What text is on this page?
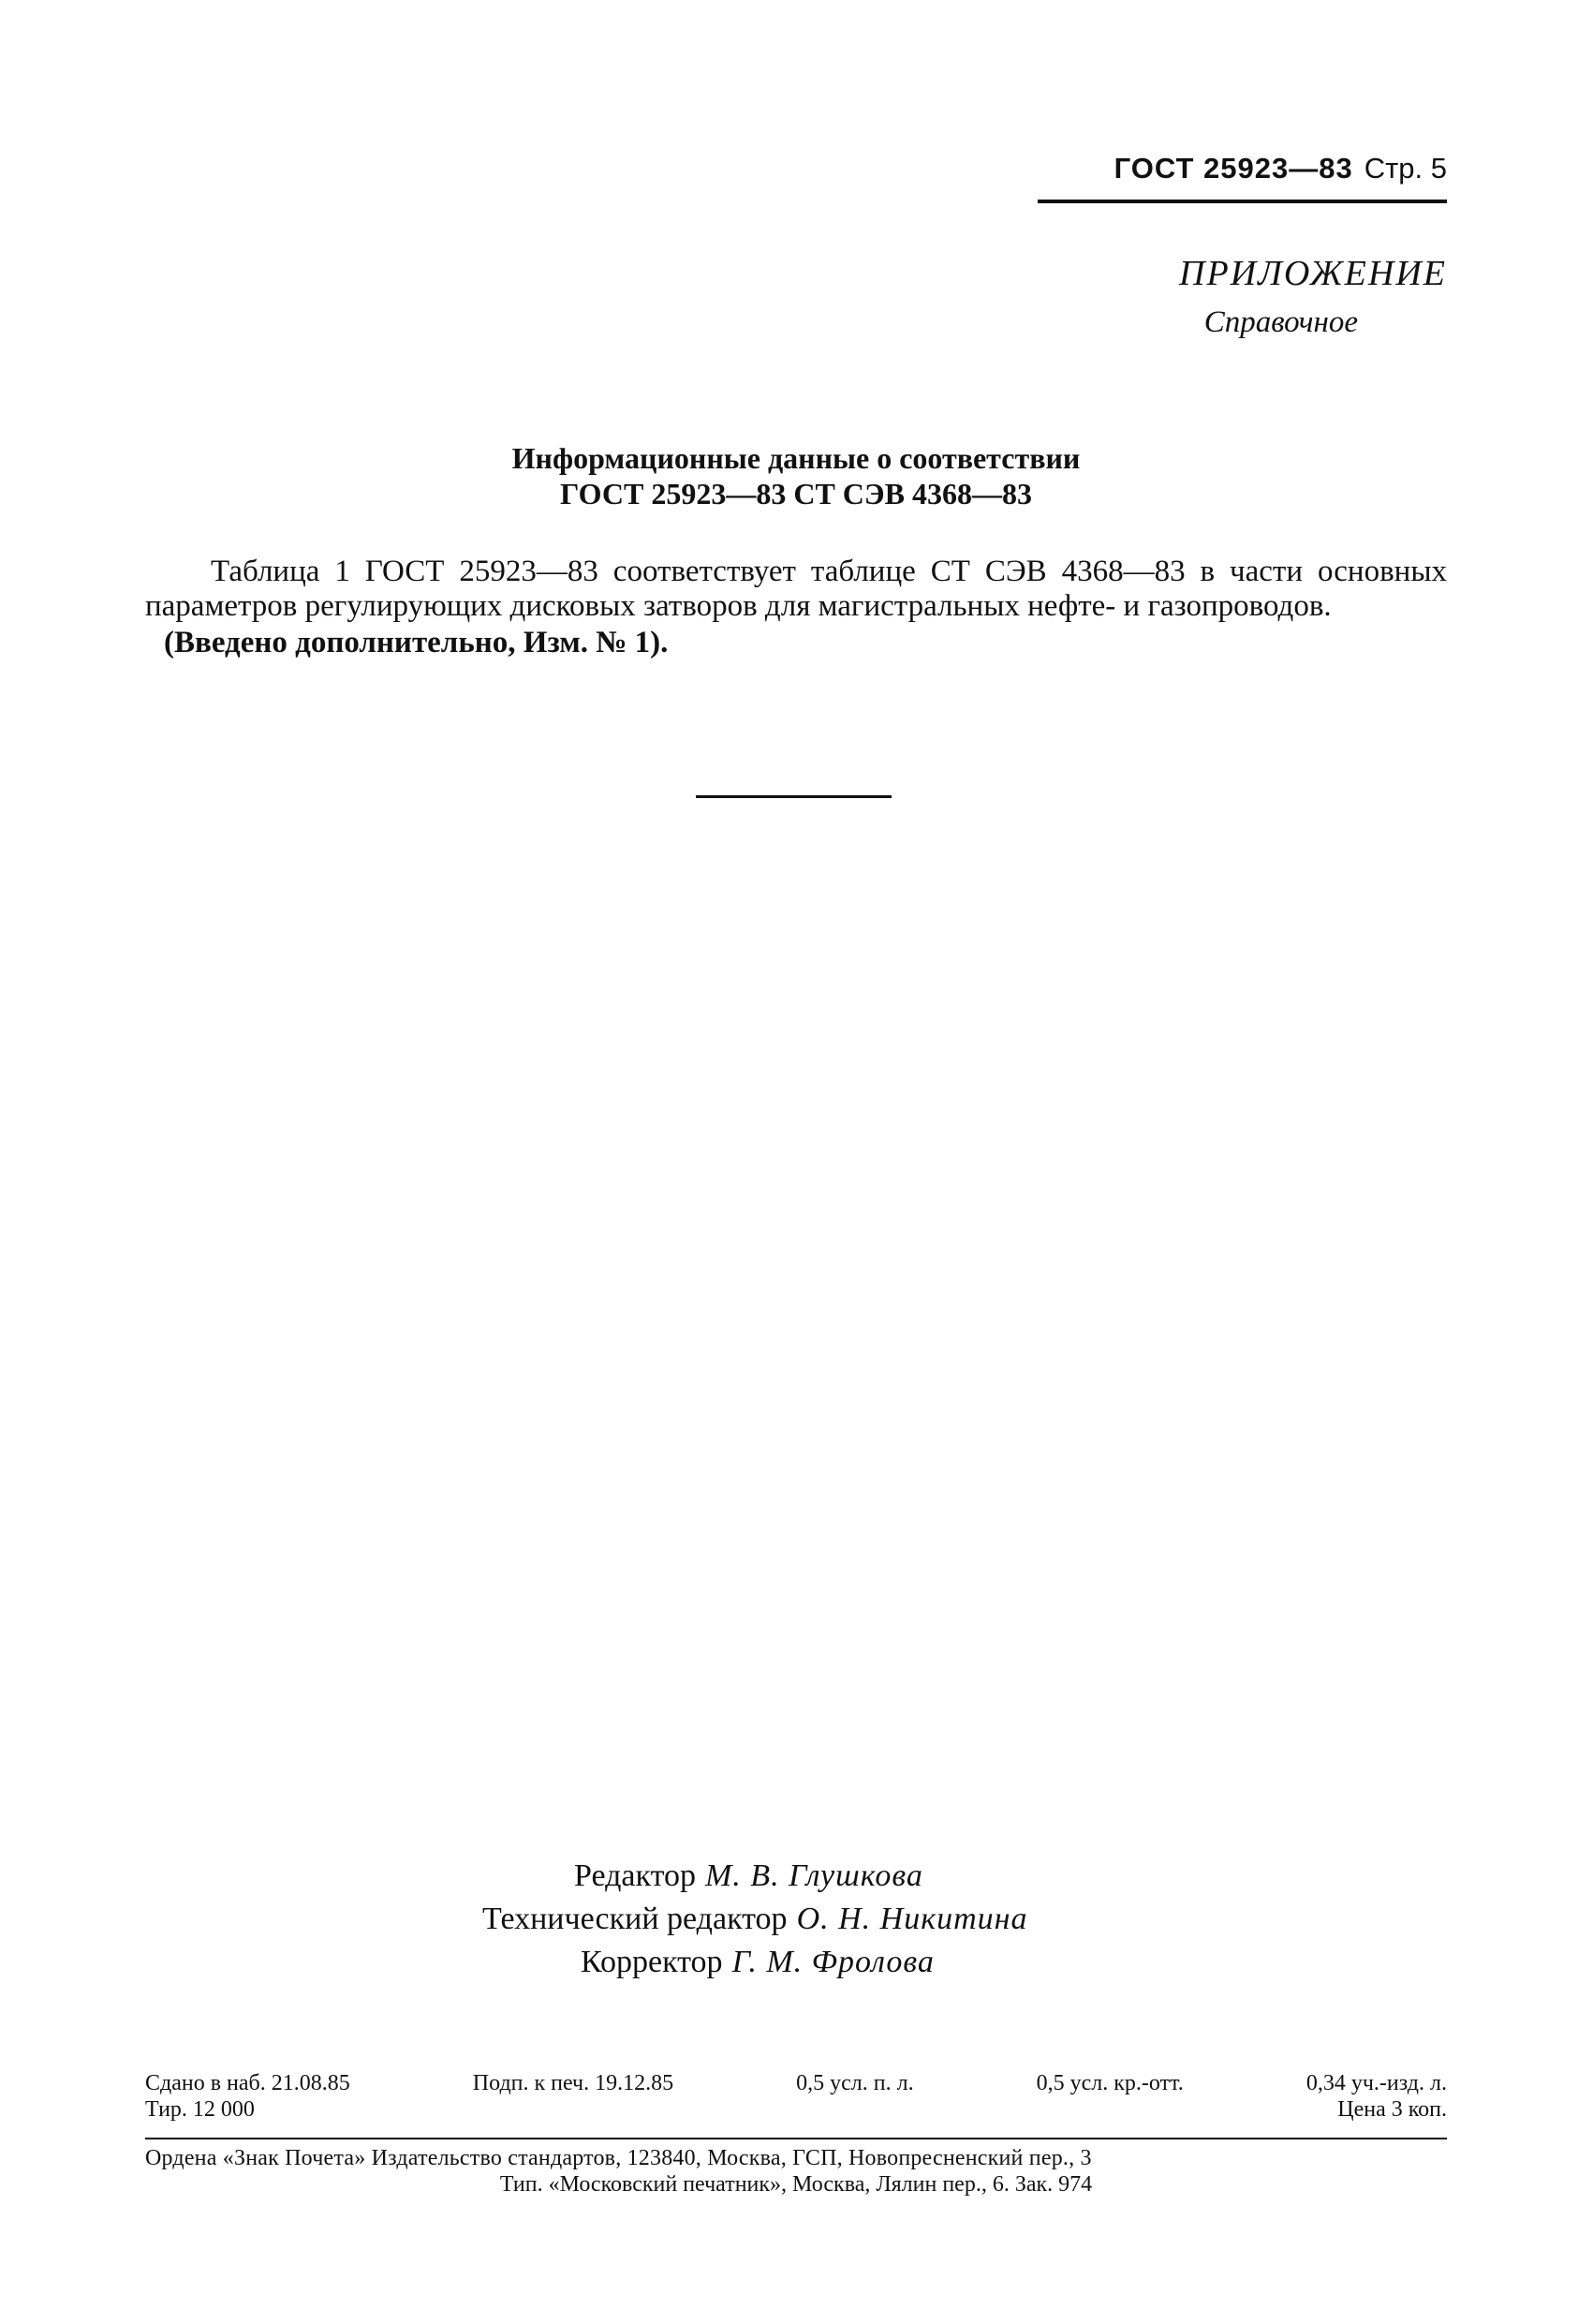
ГОСТ 25923—83 Стр. 5
ПРИЛОЖЕНИЕ
Справочное
Информационные данные о соответствии
ГОСТ 25923—83 СТ СЭВ 4368—83

Таблица 1 ГОСТ 25923—83 соответствует таблице СТ СЭВ 4368—83 в части основных параметров регулирующих дисковых затворов для магистральных нефте- и газопроводов.

(Введено дополнительно, Изм. № 1).

Редактор М. В. Глушкова
Технический редактор О. Н. Никитина
Корректор Г. М. Фролова
Сдано в наб. 21.08.85	Подп. к печ. 19.12.85	0,5 усл. п. л.	0,5 усл. кр.-отт.	0,34 уч.-изд. л.
Тир. 12 000	Цена 3 коп.
Ордена «Знак Почета» Издательство стандартов, 123840, Москва, ГСП, Новопресненский пер., 3
Тип. «Московский печатник», Москва, Лялин пер., 6. Зак. 974
